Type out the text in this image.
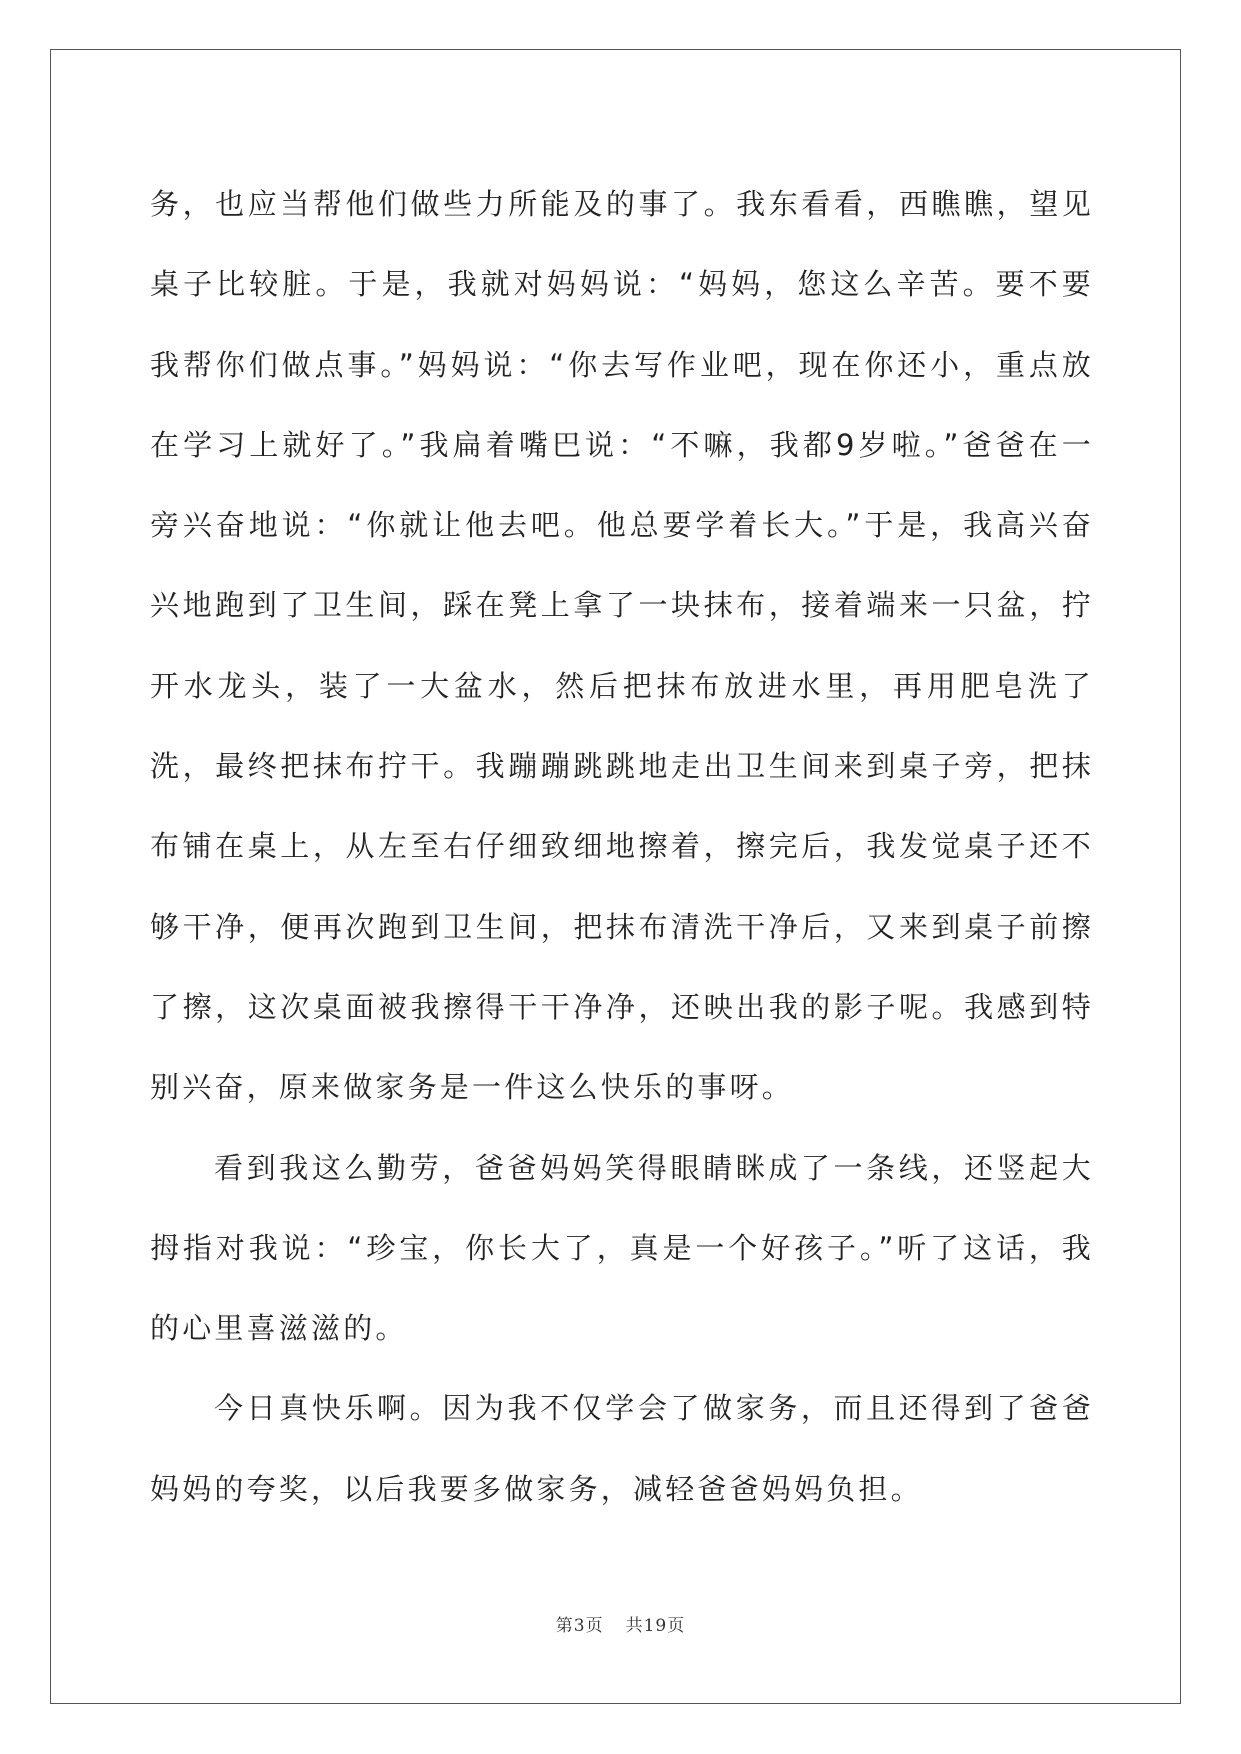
务，也应当帮他们做些力所能及的事了。我东看看，西瞧瞧，望见桌子比较脏。于是，我就对妈妈说：“妈妈，您这么辛苦。要不要我帮你们做点事。”妈妈说：“你去写作业吧，现在你还小，重点放在学习上就好了。”我扁着嘴巴说：“不嘛，我都9岁啦。”爸爸在一旁兴奋地说：“你就让他去吧。他总要学着长大。”于是，我高兴奋兴地跑到了卫生间，踩在凳上拿了一块抹布，接着端来一只盆，拧开水龙头，装了一大盆水，然后把抹布放进水里，再用肥皂洗了洗，最终把抹布拧干。我蹦蹦跳跳地走出卫生间来到桌子旁，把抹布铺在桌上，从左至右仔细致细地擦着，擦完后，我发觉桌子还不够干净，便再次跑到卫生间，把抹布清洗干净后，又来到桌子前擦了擦，这次桌面被我擦得干干净净，还映出我的影子呢。我感到特别兴奋，原来做家务是一件这么快乐的事呀。

看到我这么勤劳，爸爸妈妈笑得眼睛眯成了一条线，还竖起大拇指对我说：“珍宝，你长大了，真是一个好孩子。”听了这话，我的心里喜滋滋的。

今日真快乐啊。因为我不仅学会了做家务，而且还得到了爸爸妈妈的夸奖，以后我要多做家务，减轻爸爸妈妈负担。

第3页 共19页
